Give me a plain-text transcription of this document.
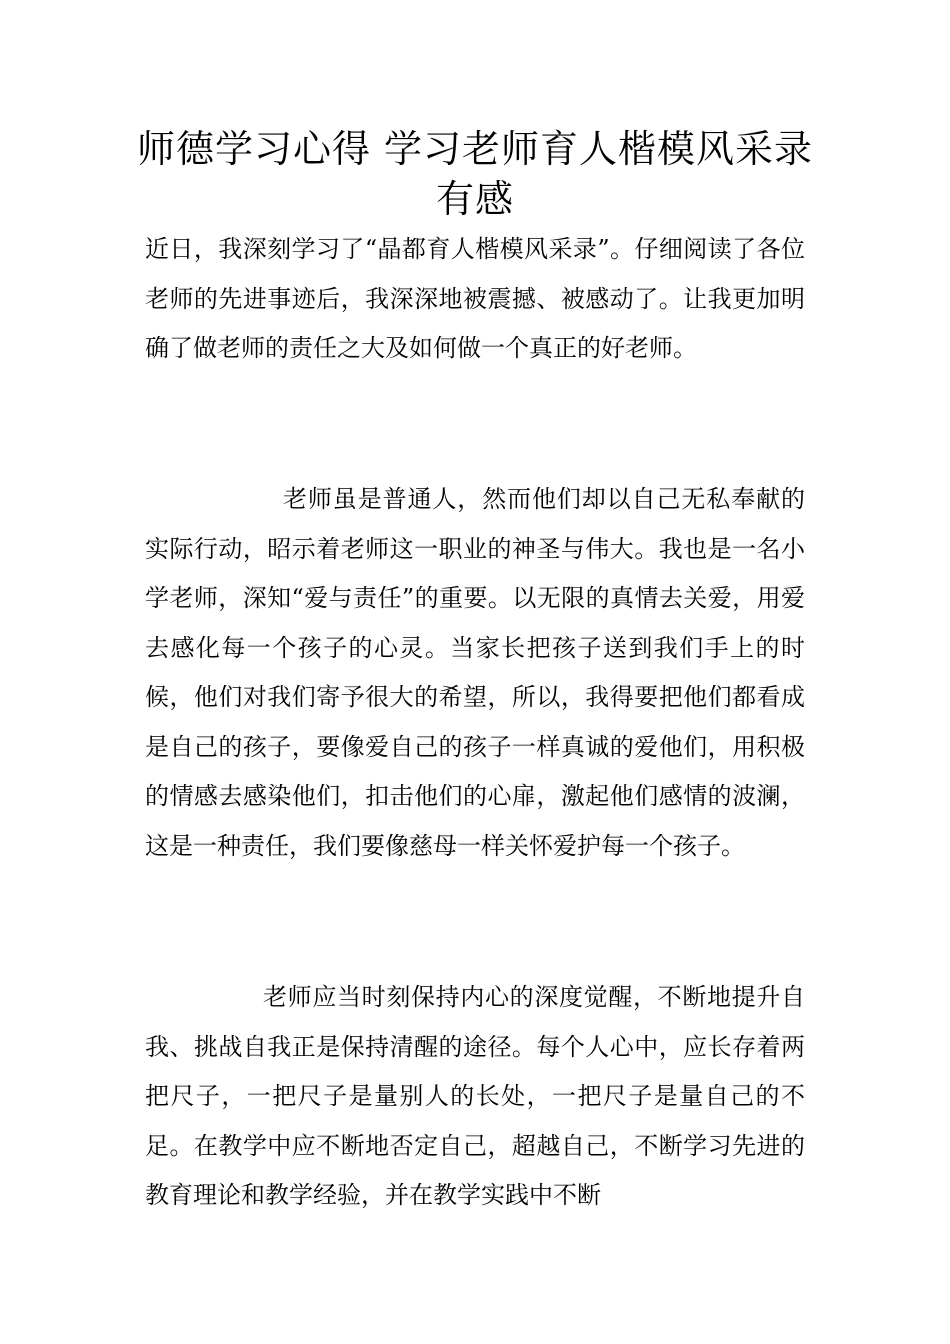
师德学习心得 学习老师育人楷模风采录有感

近日，我深刻学习了“晶都育人楷模风采录”。仔细阅读了各位老师的先进事迹后，我深深地被震撼、被感动了。让我更加明确了做老师的责任之大及如何做一个真正的好老师。

老师虽是普通人，然而他们却以自己无私奉献的实际行动，昭示着老师这一职业的神圣与伟大。我也是一名小学老师，深知“爱与责任”的重要。以无限的真情去关爱，用爱去感化每一个孩子的心灵。当家长把孩子送到我们手上的时候，他们对我们寄予很大的希望，所以，我得要把他们都看成是自己的孩子，要像爱自己的孩子一样真诚的爱他们，用积极的情感去感染他们，扣击他们的心扉，激起他们感情的波澜，这是一种责任，我们要像慈母一样关怀爱护每一个孩子。

老师应当时刻保持内心的深度觉醒，不断地提升自我、挑战自我正是保持清醒的途径。每个人心中，应长存着两把尺子，一把尺子是量别人的长处，一把尺子是量自己的不足。在教学中应不断地否定自己，超越自己，不断学习先进的教育理论和教学经验，并在教学实践中不断
